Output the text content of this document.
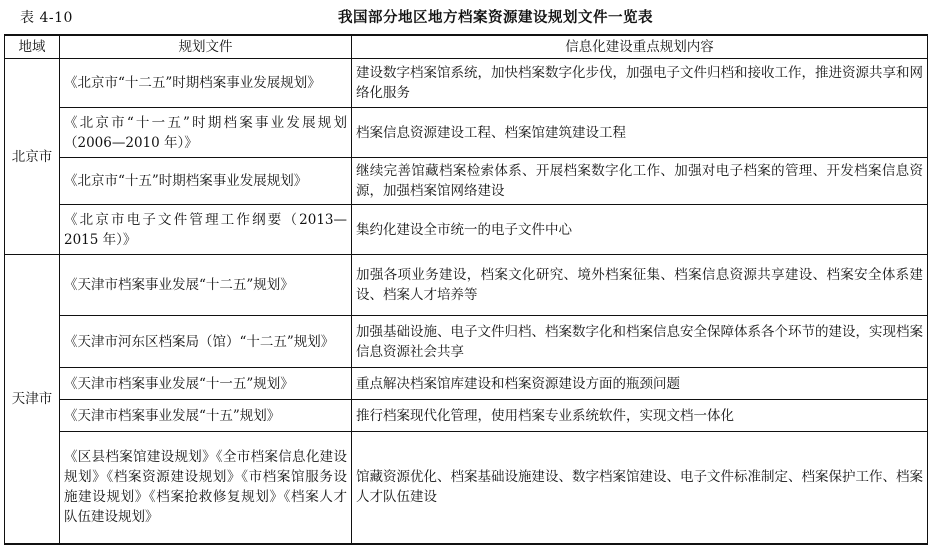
表 4-10	我国部分地区地方档案资源建设规划文件一览表
地域	规划文件	信息化建设重点规划内容
北京市	《北京市“十二五”时期档案事业发展规划》	建设数字档案馆系统，加快档案数字化步伐，加强电子文件归档和接收工作，推进资源共享和网络化服务
	《北京市“十一五”时期档案事业发展规划（2006—2010 年）》	档案信息资源建设工程、档案馆建筑建设工程
	《北京市“十五”时期档案事业发展规划》	继续完善馆藏档案检索体系、开展档案数字化工作、加强对电子档案的管理、开发档案信息资源，加强档案馆网络建设
	《北京市电子文件管理工作纲要（2013—2015 年）》	集约化建设全市统一的电子文件中心
天津市	《天津市档案事业发展“十二五”规划》	加强各项业务建设，档案文化研究、境外档案征集、档案信息资源共享建设、档案安全体系建设、档案人才培养等
	《天津市河东区档案局（馆）“十二五”规划》	加强基础设施、电子文件归档、档案数字化和档案信息安全保障体系各个环节的建设，实现档案信息资源社会共享
	《天津市档案事业发展“十一五”规划》	重点解决档案馆库建设和档案资源建设方面的瓶颈问题
	《天津市档案事业发展“十五”规划》	推行档案现代化管理，使用档案专业系统软件，实现文档一体化
	《区县档案馆建设规划》《全市档案信息化建设规划》《档案资源建设规划》《市档案馆服务设施建设规划》《档案抢救修复规划》《档案人才队伍建设规划》	馆藏资源优化、档案基础设施建设、数字档案馆建设、电子文件标准制定、档案保护工作、档案人才队伍建设
